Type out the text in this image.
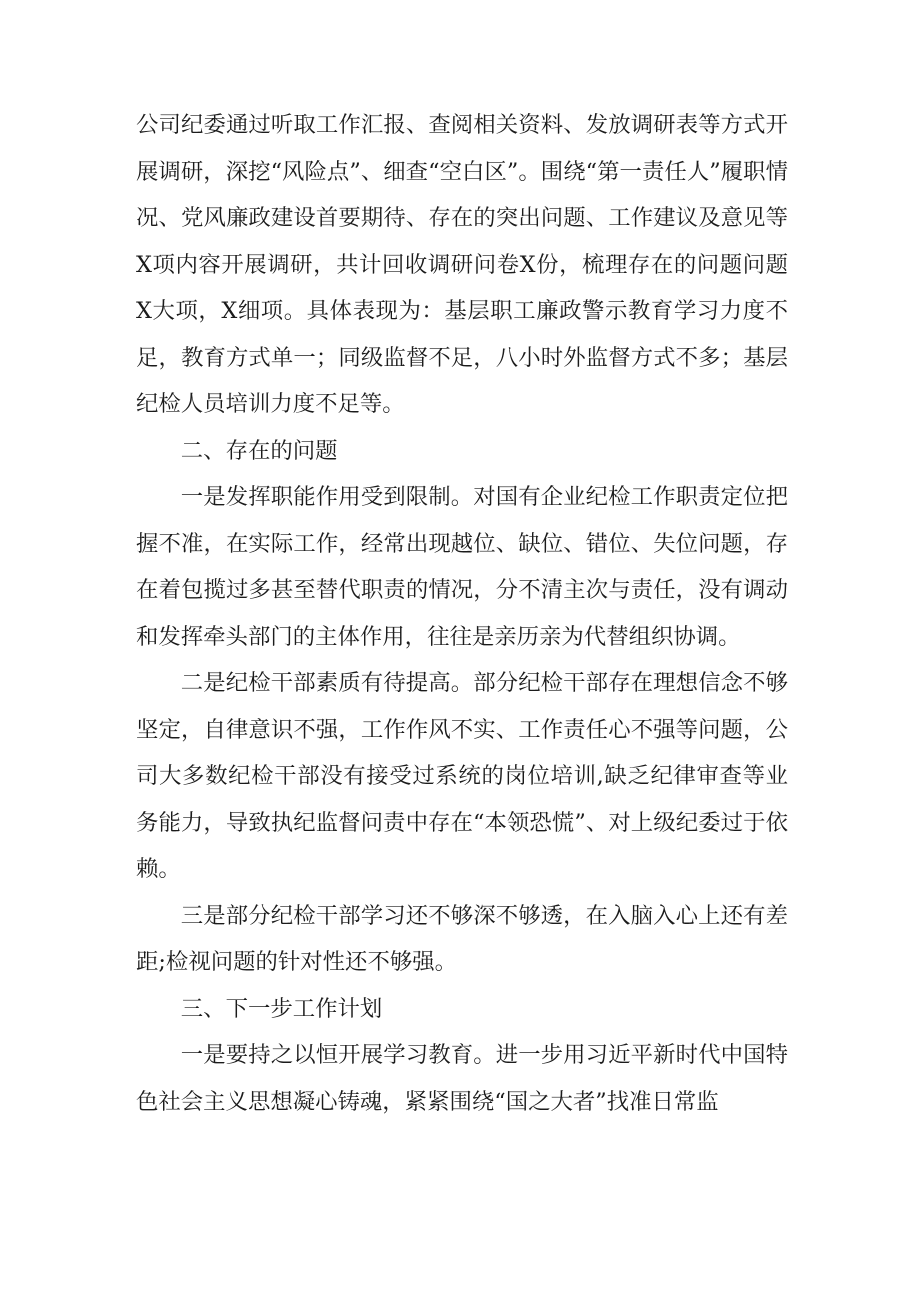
公司纪委通过听取工作汇报、查阅相关资料、发放调研表等方式开展调研，深挖“风险点”、细查“空白区”。围绕“第一责任人”履职情况、党风廉政建设首要期待、存在的突出问题、工作建议及意见等X项内容开展调研，共计回收调研问卷X份，梳理存在的问题问题X大项，X细项。具体表现为：基层职工廉政警示教育学习力度不足，教育方式单一；同级监督不足，八小时外监督方式不多；基层纪检人员培训力度不足等。

二、存在的问题

一是发挥职能作用受到限制。对国有企业纪检工作职责定位把握不准，在实际工作，经常出现越位、缺位、错位、失位问题，存在着包揽过多甚至替代职责的情况，分不清主次与责任，没有调动和发挥牵头部门的主体作用，往往是亲历亲为代替组织协调。

二是纪检干部素质有待提高。部分纪检干部存在理想信念不够坚定，自律意识不强，工作作风不实、工作责任心不强等问题，公司大多数纪检干部没有接受过系统的岗位培训,缺乏纪律审查等业务能力，导致执纪监督问责中存在“本领恐慌”、对上级纪委过于依赖。

三是部分纪检干部学习还不够深不够透，在入脑入心上还有差距;检视问题的针对性还不够强。

三、下一步工作计划

一是要持之以恒开展学习教育。进一步用习近平新时代中国特色社会主义思想凝心铸魂，紧紧围绕“国之大者”找准日常监
